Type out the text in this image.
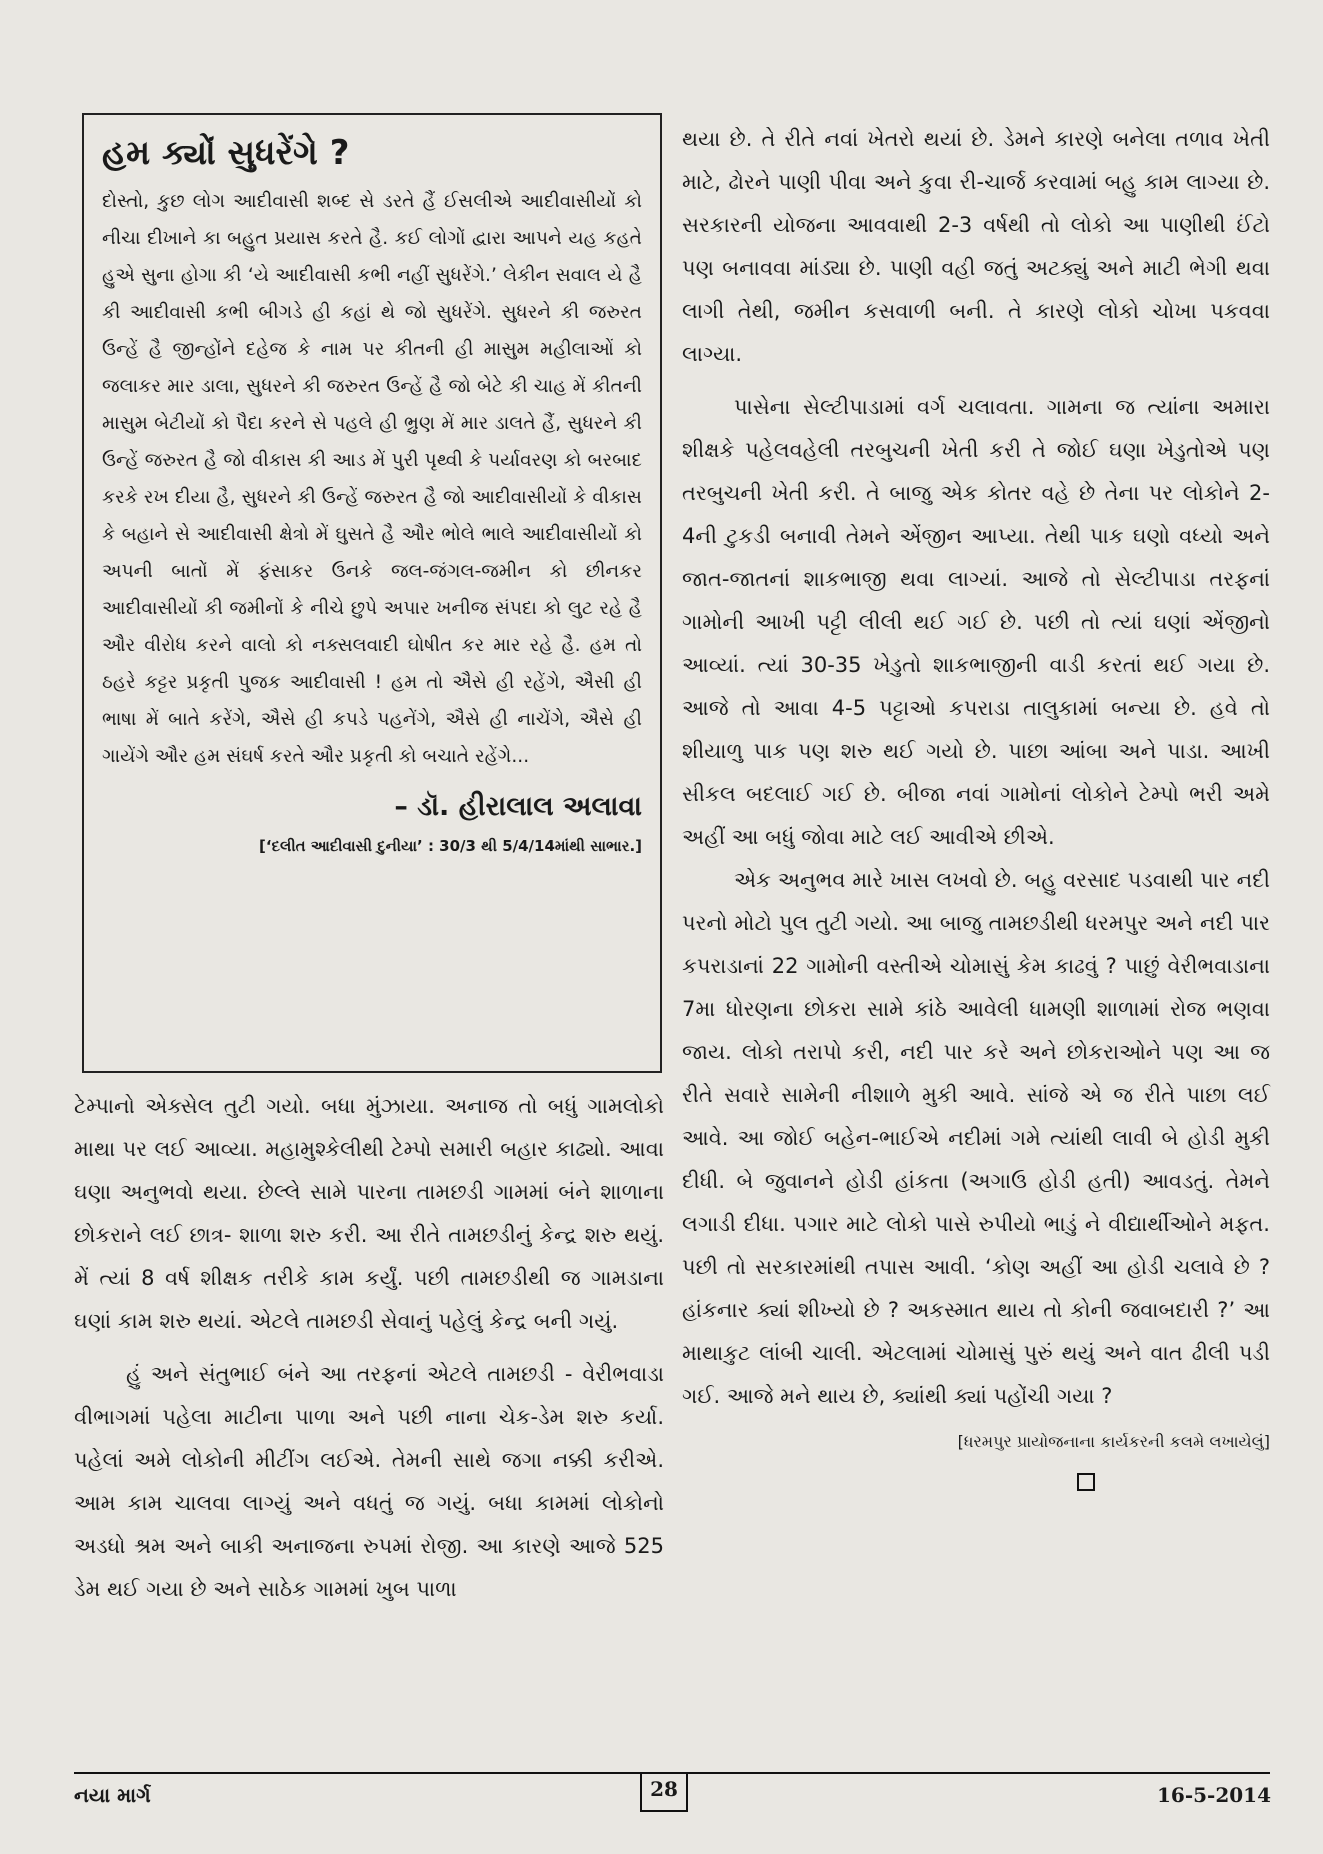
હમ ક્યોં સુધરેંગે ?

દોસ્તો, કુછ લોગ આદીવાસી શબ્દ સે ડરતે હૈં ઈસલીએ આદીવાસીયોં કો નીચા દીખાને કા બહુત પ્રયાસ કરતે હૈ. કઈ લોગોં દ્વારા આપને યહ કહતે હુએ સુના હોગા કી ‘યે આદીવાસી કભી નહીં સુધરેંગે.’ લેકીન સવાલ યે હૈ કી આદીવાસી કભી બીગડે હી કહાં થે જો સુધરેંગે. સુધરને કી જરુરત ઉન્હેં હૈ જીન્હોંને દહેજ કે નામ પર કીતની હી માસુમ મહીલાઓં કો જલાકર માર ડાલા, સુધરને કી જરુરત ઉન્હેં હૈ જો બેટે કી ચાહ મેં કીતની માસુમ બેટીયોં કો પૈદા કરને સે પહલે હી ભ્રુણ મેં માર ડાલતે હૈં, સુધરને કી ઉન્હેં જરુરત હૈ જો વીકાસ કી આડ મેં પુરી પૃથ્વી કે પર્યાવરણ કો બરબાદ કરકે રખ દીયા હૈ, સુધરને કી ઉન્હેં જરુરત હૈ જો આદીવાસીયોં કે વીકાસ કે બહાને સે આદીવાસી ક્ષેત્રો મેં ઘુસતે હૈ ઔર ભોલે ભાલે આદીવાસીયોં કો અપની બાતોં મેં ફંસાકર ઉનકે જલ-જંગલ-જમીન કો છીનકર આદીવાસીયોં કી જમીનોં કે નીચે છુપે અપાર ખનીજ સંપદા કો લુટ રહે હૈ ઔર વીરોધ કરને વાલો કો નક્સલવાદી ઘોષીત કર માર રહે હૈ. હમ તો ઠહરે કટ્ટર પ્રકૃતી પુજક આદીવાસી ! હમ તો ઐસે હી રહેંગે, ઐસી હી ભાષા મેં બાતે કરેંગે, ઐસે હી કપડે પહનેંગે, ઐસે હી નાચેંગે, ઐસે હી ગાયેંગે ઔર હમ સંઘર્ષ કરતે ઔર પ્રકૃતી કો બચાતે રહેંગે...

– ડૉ. હીરાલાલ અલાવા
[‘દલીત આદીવાસી દુનીયા’ : 30/3 થી 5/4/14માંથી સાભાર.]

ટેમ્પાનો એક્સેલ તુટી ગયો. બધા મુંઝાયા. અનાજ તો બધું ગામલોકો માથા પર લઈ આવ્યા. મહામુશ્કેલીથી ટેમ્પો સમારી બહાર કાઢ્યો. આવા ઘણા અનુભવો થયા. છેલ્લે સામે પારના તામછડી ગામમાં બંને શાળાના છોકરાને લઈ છાત્ર- શાળા શરુ કરી. આ રીતે તામછડીનું કેન્દ્ર શરુ થયું. મેં ત્યાં 8 વર્ષ શીક્ષક તરીકે કામ કર્યું. પછી તામછડીથી જ ગામડાના ઘણાં કામ શરુ થયાં. એટલે તામછડી સેવાનું પહેલું કેન્દ્ર બની ગયું.

હું અને સંતુભાઈ બંને આ તરફનાં એટલે તામછડી - વેરીભવાડા વીભાગમાં પહેલા માટીના પાળા અને પછી નાના ચેક-ડેમ શરુ કર્યા. પહેલાં અમે લોકોની મીટીંગ લઈએ. તેમની સાથે જગા નક્કી કરીએ. આમ કામ ચાલવા લાગ્યું અને વધતું જ ગયું. બધા કામમાં લોકોનો અડધો શ્રમ અને બાકી અનાજના રુપમાં રોજી. આ કારણે આજે 525 ડેમ થઈ ગયા છે અને સાઠેક ગામમાં ખુબ પાળા

થયા છે. તે રીતે નવાં ખેતરો થયાં છે. ડેમને કારણે બનેલા તળાવ ખેતી માટે, ઢોરને પાણી પીવા અને કુવા રી-ચાર્જ કરવામાં બહુ કામ લાગ્યા છે. સરકારની યોજના આવવાથી 2-3 વર્ષથી તો લોકો આ પાણીથી ઈંટો પણ બનાવવા માંડ્યા છે. પાણી વહી જતું અટક્યું અને માટી ભેગી થવા લાગી તેથી, જમીન કસવાળી બની. તે કારણે લોકો ચોખા પકવવા લાગ્યા.

પાસેના સેલ્ટીપાડામાં વર્ગ ચલાવતા. ગામના જ ત્યાંના અમારા શીક્ષકે પહેલવહેલી તરબુચની ખેતી કરી તે જોઈ ઘણા ખેડુતોએ પણ તરબુચની ખેતી કરી. તે બાજુ એક કોતર વહે છે તેના પર લોકોને 2-4ની ટુકડી બનાવી તેમને એંજીન આપ્યા. તેથી પાક ઘણો વધ્યો અને જાત-જાતનાં શાકભાજી થવા લાગ્યાં. આજે તો સેલ્ટીપાડા તરફનાં ગામોની આખી પટ્ટી લીલી થઈ ગઈ છે. પછી તો ત્યાં ઘણાં એંજીનો આવ્યાં. ત્યાં 30-35 ખેડુતો શાકભાજીની વાડી કરતાં થઈ ગયા છે. આજે તો આવા 4-5 પટ્ટાઓ કપરાડા તાલુકામાં બન્યા છે. હવે તો શીયાળુ પાક પણ શરુ થઈ ગયો છે. પાછા આંબા અને પાડા. આખી સીકલ બદલાઈ ગઈ છે. બીજા નવાં ગામોનાં લોકોને ટેમ્પો ભરી અમે અહીં આ બધું જોવા માટે લઈ આવીએ છીએ.

એક અનુભવ મારે ખાસ લખવો છે. બહુ વરસાદ પડવાથી પાર નદી પરનો મોટો પુલ તુટી ગયો. આ બાજુ તામછડીથી ધરમપુર અને નદી પાર કપરાડાનાં 22 ગામોની વસ્તીએ ચોમાસું કેમ કાઢવું ? પાછું વેરીભવાડાના 7મા ધોરણના છોકરા સામે કાંઠે આવેલી ધામણી શાળામાં રોજ ભણવા જાય. લોકો તરાપો કરી, નદી પાર કરે અને છોકરાઓને પણ આ જ રીતે સવારે સામેની નીશાળે મુકી આવે. સાંજે એ જ રીતે પાછા લઈ આવે. આ જોઈ બહેન-ભાઈએ નદીમાં ગમે ત્યાંથી લાવી બે હોડી મુકી દીધી. બે જુવાનને હોડી હાંકતા (અગાઉ હોડી હતી) આવડતું. તેમને લગાડી દીધા. પગાર માટે લોકો પાસે રુપીયો ભાડું ને વીદ્યાર્થીઓને મફત. પછી તો સરકારમાંથી તપાસ આવી. ‘કોણ અહીં આ હોડી ચલાવે છે ? હાંકનાર ક્યાં શીખ્યો છે ? અકસ્માત થાય તો કોની જવાબદારી ?’ આ માથાકુટ લાંબી ચાલી. એટલામાં ચોમાસું પુરું થયું અને વાત ઢીલી પડી ગઈ. આજે મને થાય છે, ક્યાંથી ક્યાં પહોંચી ગયા ?

[ધરમપુર પ્રાયોજનાના કાર્યકરની કલમે લખાયેલું]

નયા માર્ગ	28	16-5-2014
